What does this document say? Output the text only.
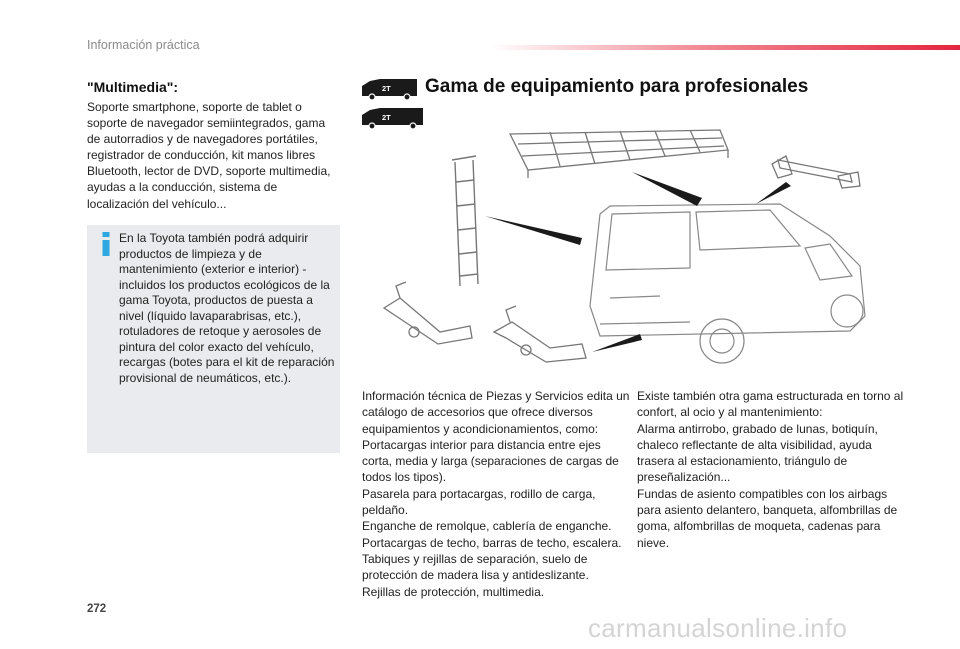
Información práctica
"Multimedia":
Soporte smartphone, soporte de tablet o soporte de navegador semiintegrados, gama de autorradios y de navegadores portátiles, registrador de conducción, kit manos libres Bluetooth, lector de DVD, soporte multimedia, ayudas a la conducción, sistema de localización del vehículo...
En la Toyota también podrá adquirir productos de limpieza y de mantenimiento (exterior e interior) - incluidos los productos ecológicos de la gama Toyota, productos de puesta a nivel (líquido lavaparabrisas, etc.), rotuladores de retoque y aerosoles de pintura del color exacto del vehículo, recargas (botes para el kit de reparación provisional de neumáticos, etc.).
2T
2T
Gama de equipamiento para profesionales
Información técnica de Piezas y Servicios edita un catálogo de accesorios que ofrece diversos equipamientos y acondicionamientos, como:
Portacargas interior para distancia entre ejes corta, media y larga (separaciones de cargas de todos los tipos).
Pasarela para portacargas, rodillo de carga, peldaño.
Enganche de remolque, cablería de enganche.
Portacargas de techo, barras de techo, escalera.
Tabiques y rejillas de separación, suelo de protección de madera lisa y antideslizante.
Rejillas de protección, multimedia.
Existe también otra gama estructurada en torno al confort, al ocio y al mantenimiento:
Alarma antirrobo, grabado de lunas, botiquín, chaleco reflectante de alta visibilidad, ayuda trasera al estacionamiento, triángulo de preseñalización...
Fundas de asiento compatibles con los airbags para asiento delantero, banqueta, alfombrillas de goma, alfombrillas de moqueta, cadenas para nieve.
272
carmanualsonline.info
